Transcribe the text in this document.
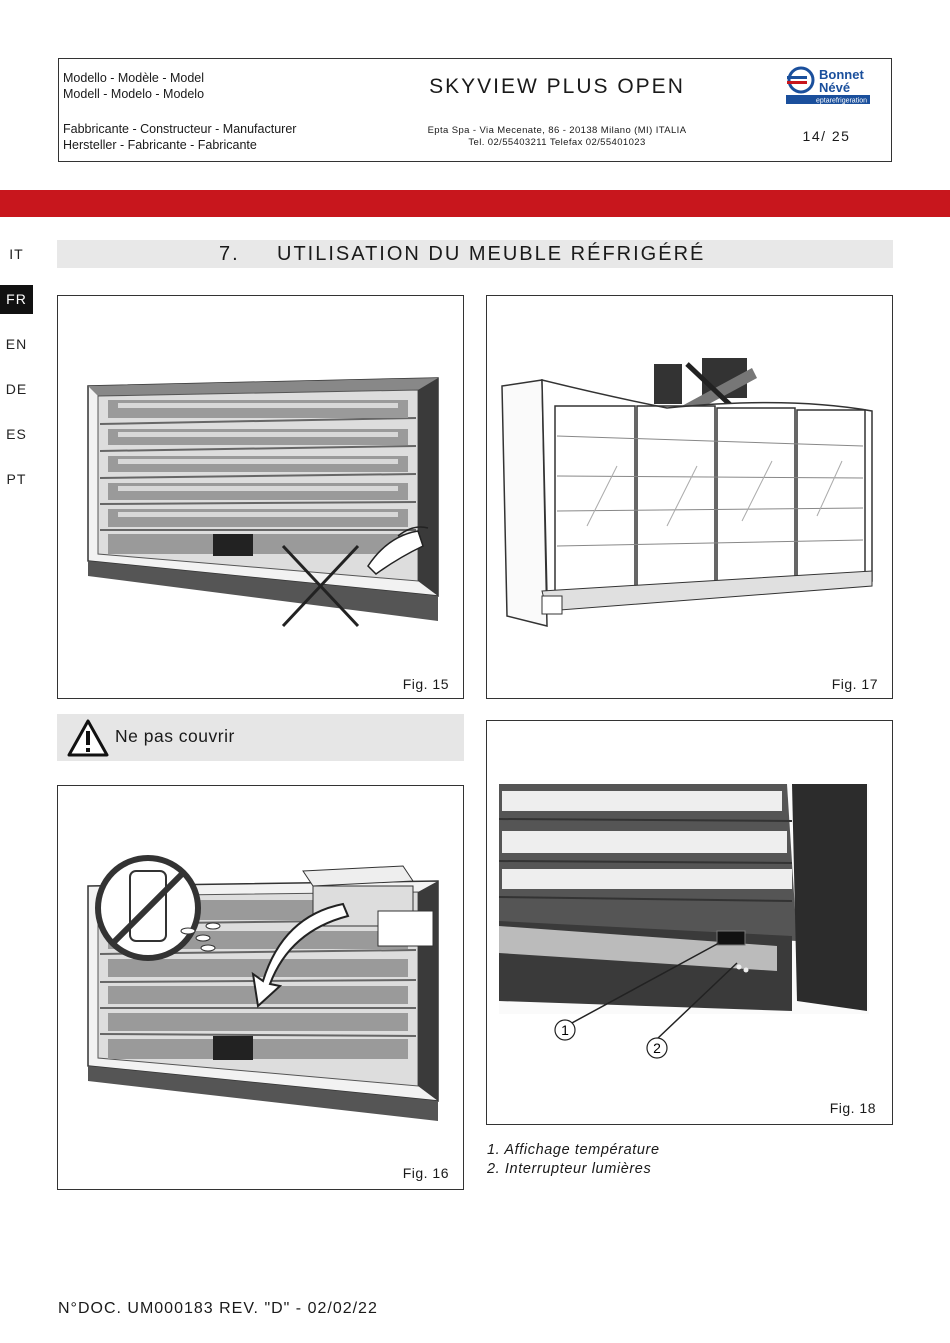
Modello - Modèle - Model
Modell - Modelo - Modelo	SKYVIEW PLUS OPEN
Bonnet
Névé
eptarefrigeration
Fabbricante - Constructeur - Manufacturer
Hersteller - Fabricante - Fabricante
Epta Spa - Via Mecenate, 86 - 20138 Milano (MI) ITALIA
Tel. 02/55403211 Telefax 02/55401023	14/ 25
IT
FR
EN
DE
ES
PT
7. UTILISATION DU MEUBLE RÉFRIGÉRÉ
Fig. 15	Fig. 17
Ne pas couvrir
1
2
Fig. 18
Fig. 16
1. Affichage température
2. Interrupteur lumières
N°DOC. UM000183 REV. "D" - 02/02/22
